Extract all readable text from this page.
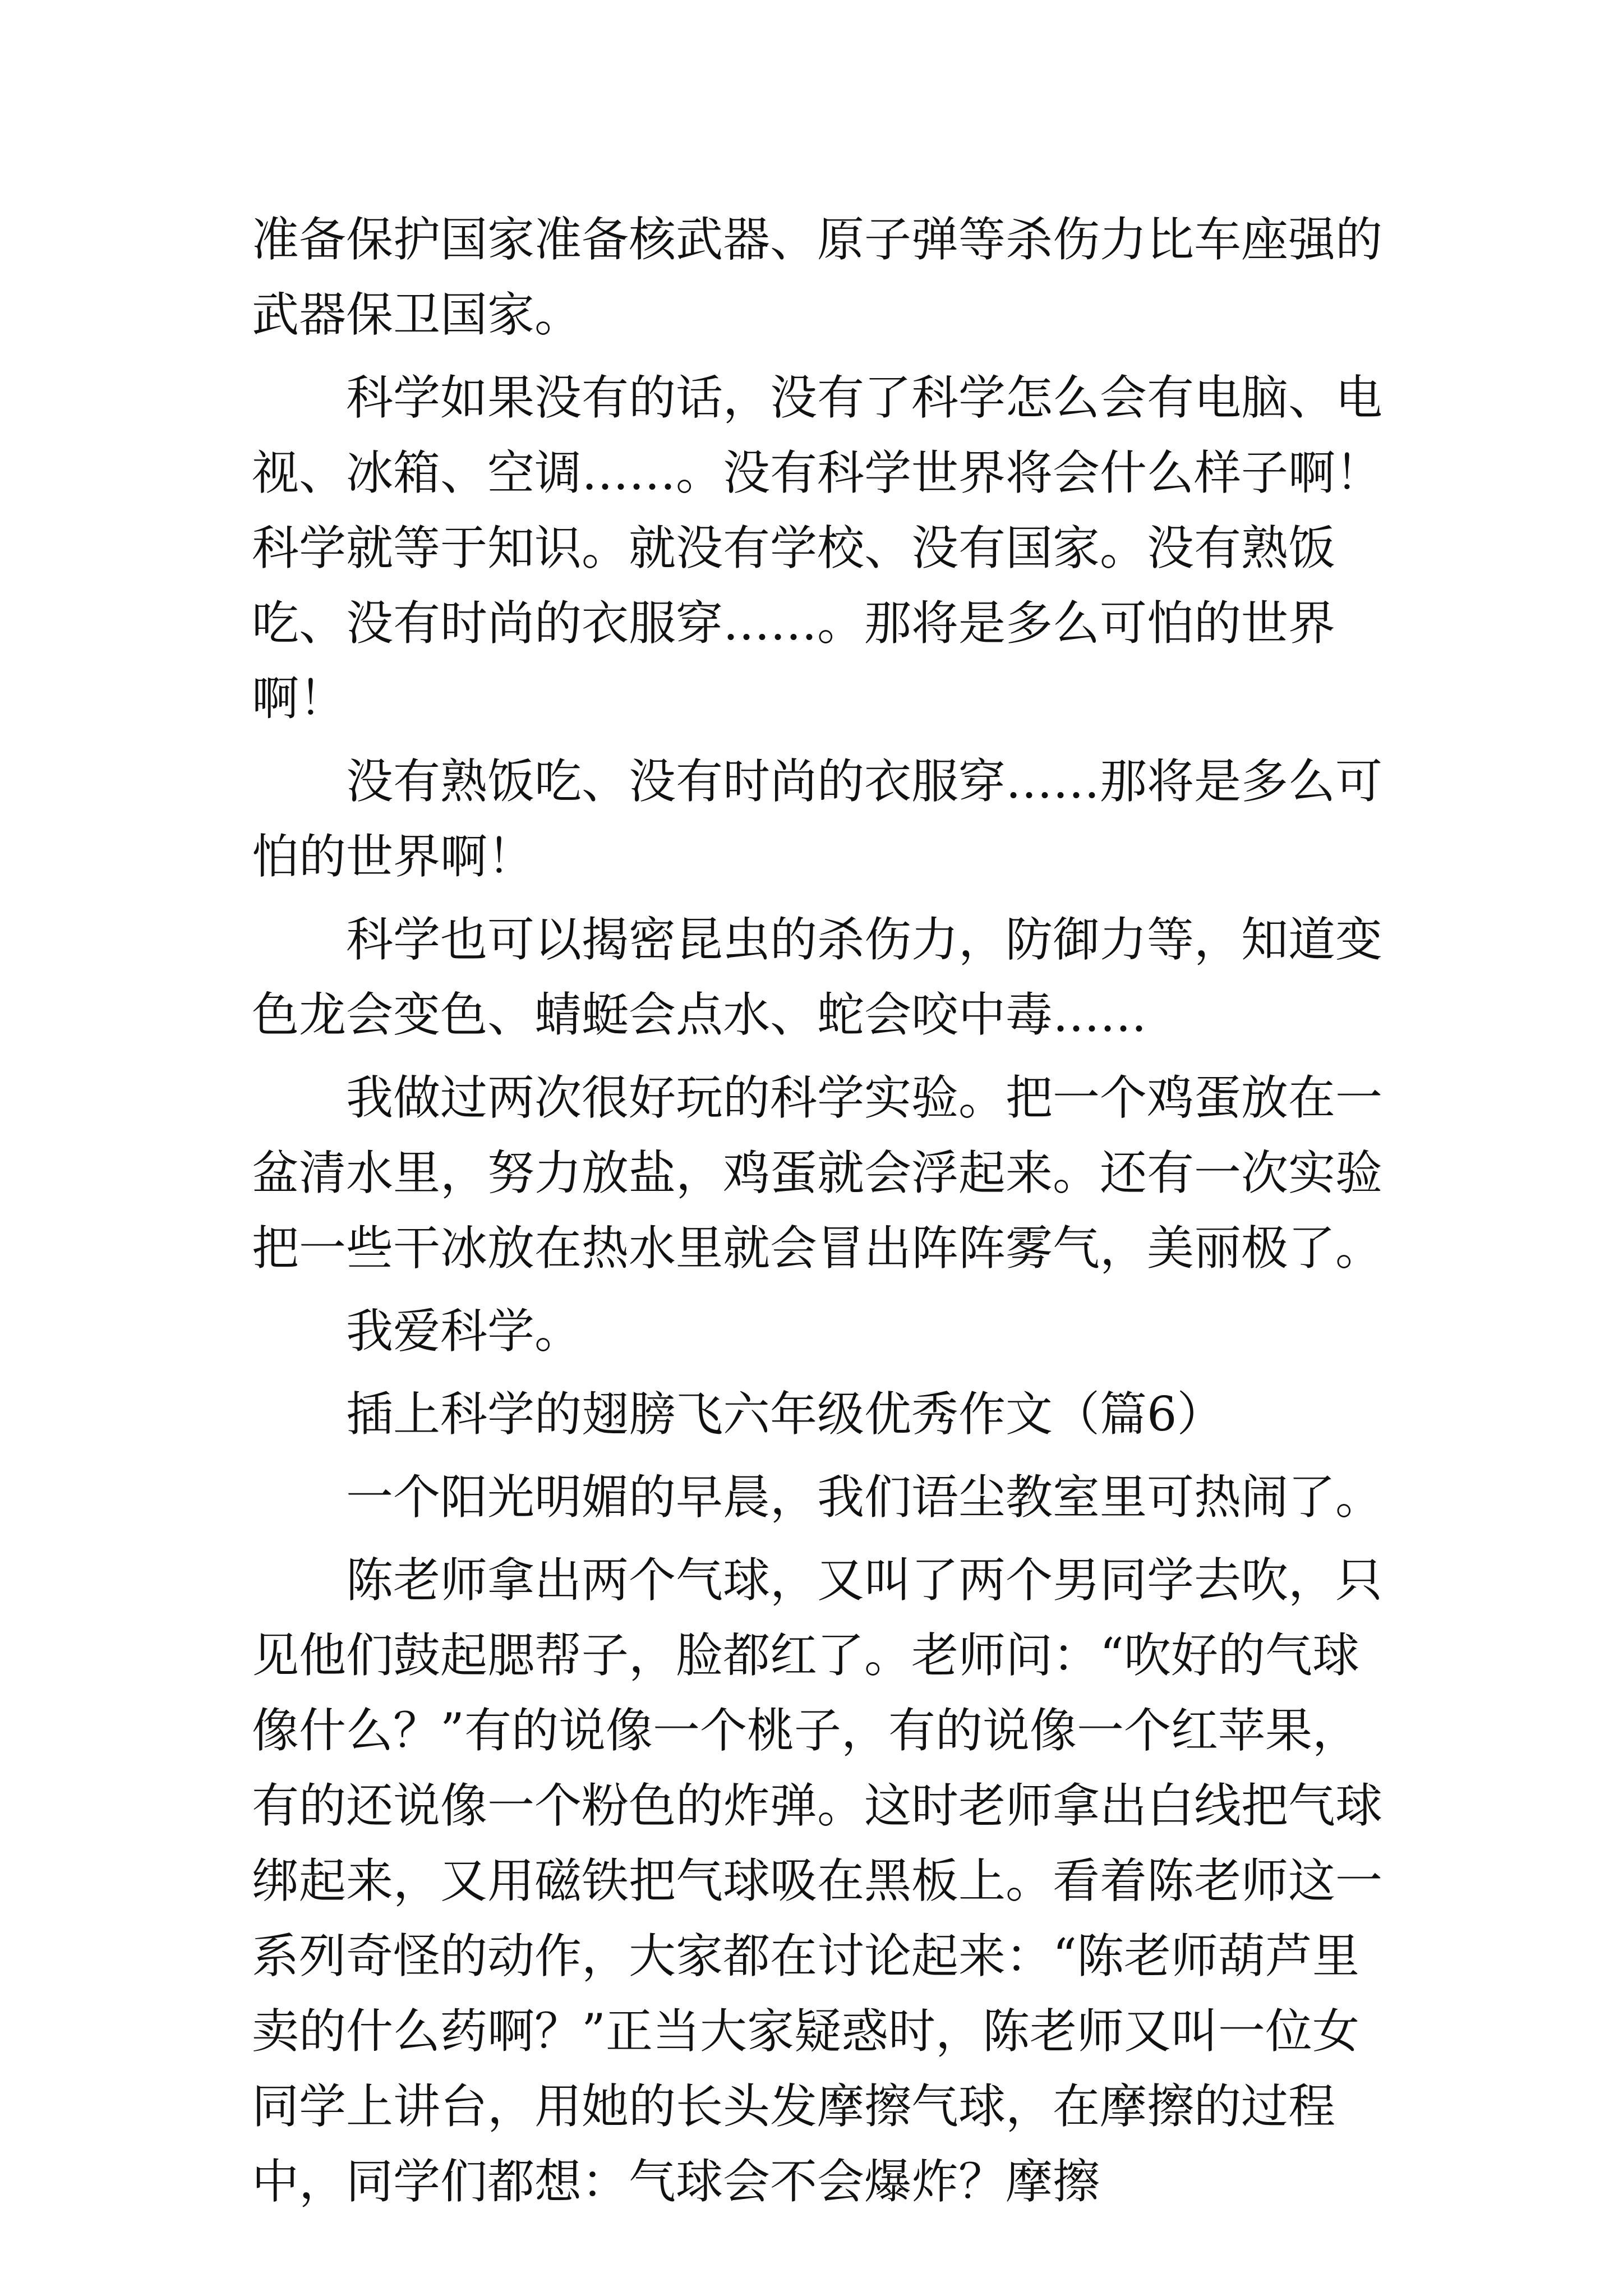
准备保护国家准备核武器、原子弹等杀伤力比车座强的武器保卫国家。

科学如果没有的话，没有了科学怎么会有电脑、电视、冰箱、空调……。没有科学世界将会什么样子啊！科学就等于知识。就没有学校、没有国家。没有熟饭吃、没有时尚的衣服穿……。那将是多么可怕的世界啊！

没有熟饭吃、没有时尚的衣服穿……那将是多么可怕的世界啊！

科学也可以揭密昆虫的杀伤力，防御力等，知道变色龙会变色、蜻蜓会点水、蛇会咬中毒……

我做过两次很好玩的科学实验。把一个鸡蛋放在一盆清水里，努力放盐，鸡蛋就会浮起来。还有一次实验把一些干冰放在热水里就会冒出阵阵雾气，美丽极了。

我爱科学。

插上科学的翅膀飞六年级优秀作文（篇6）

一个阳光明媚的早晨，我们语尘教室里可热闹了。

陈老师拿出两个气球，又叫了两个男同学去吹，只见他们鼓起腮帮子，脸都红了。老师问：“吹好的气球像什么？”有的说像一个桃子，有的说像一个红苹果，有的还说像一个粉色的炸弹。这时老师拿出白线把气球绑起来，又用磁铁把气球吸在黑板上。看着陈老师这一系列奇怪的动作，大家都在讨论起来：“陈老师葫芦里卖的什么药啊？”正当大家疑惑时，陈老师又叫一位女同学上讲台，用她的长头发摩擦气球，在摩擦的过程中，同学们都想：气球会不会爆炸？摩擦
